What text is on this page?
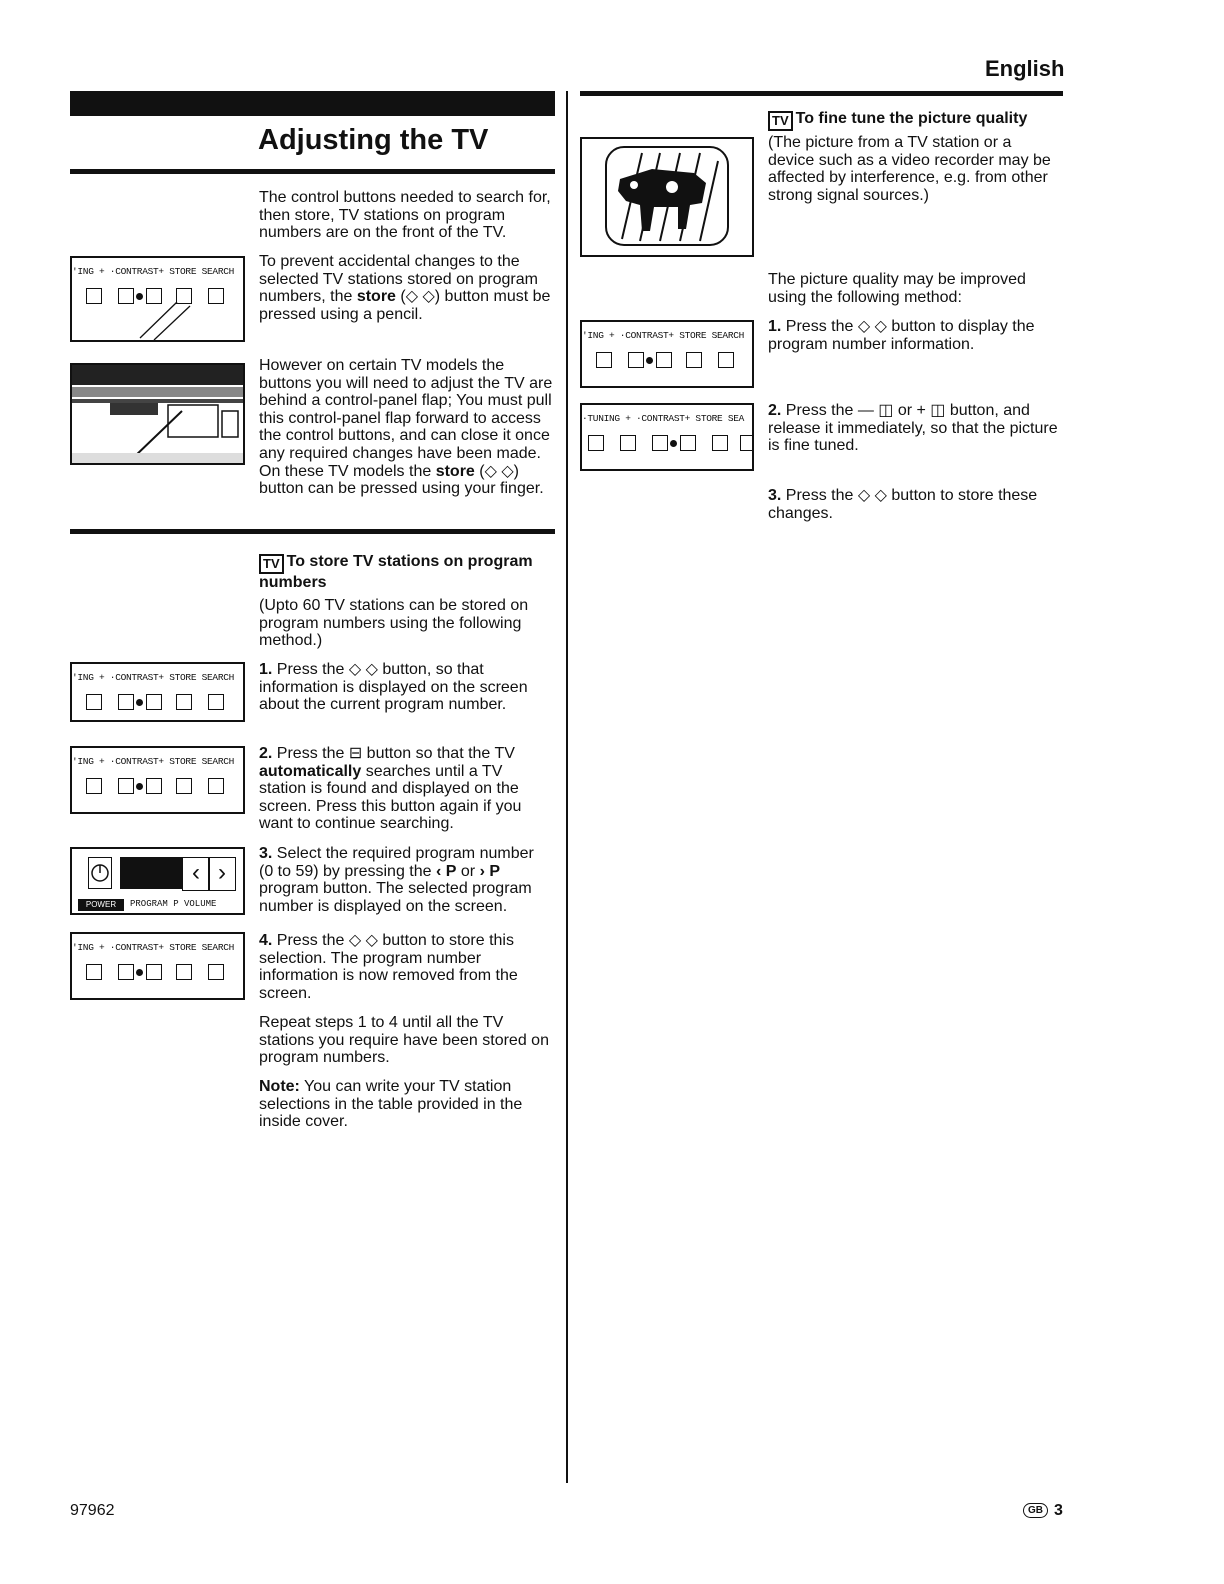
English
Adjusting the TV

The control buttons needed to search for, then store, TV stations on program numbers are on the front of the TV.

To prevent accidental changes to the selected TV stations stored on program numbers, the store (◇ ◇) button must be pressed using a pencil.

However on certain TV models the buttons you will need to adjust the TV are behind a control-panel flap; You must pull this control-panel flap forward to access the control buttons, and can close it once any required changes have been made. On these TV models the store (◇ ◇) button can be pressed using your finger.

'ING + ·CONTRAST+ STORE SEARCH
TV To store TV stations on program numbers

(Upto 60 TV stations can be stored on program numbers using the following method.)

1. Press the ◇ ◇ button, so that information is displayed on the screen about the current program number.

'ING + ·CONTRAST+ STORE SEARCH

2. Press the ⊟ button so that the TV automatically searches until a TV station is found and displayed on the screen. Press this button again if you want to continue searching.

'ING + ·CONTRAST+ STORE SEARCH

3. Select the required program number (0 to 59) by pressing the ‹ P or › P program button. The selected program number is displayed on the screen.

‹ ›
POWER	PROGRAM P VOLUME

4. Press the ◇ ◇ button to store this selection. The program number information is now removed from the screen.

'ING + ·CONTRAST+ STORE SEARCH

Repeat steps 1 to 4 until all the TV stations you require have been stored on program numbers.

Note: You can write your TV station selections in the table provided in the inside cover.

TV To fine tune the picture quality

(The picture from a TV station or a device such as a video recorder may be affected by interference, e.g. from other strong signal sources.)

The picture quality may be improved using the following method:

1. Press the ◇ ◇ button to display the program number information.

'ING + ·CONTRAST+ STORE SEARCH

2. Press the — ◫ or + ◫ button, and release it immediately, so that the picture is fine tuned.

·TUNING + ·CONTRAST+ STORE SEA

3. Press the ◇ ◇ button to store these changes.

97962	GB 3
